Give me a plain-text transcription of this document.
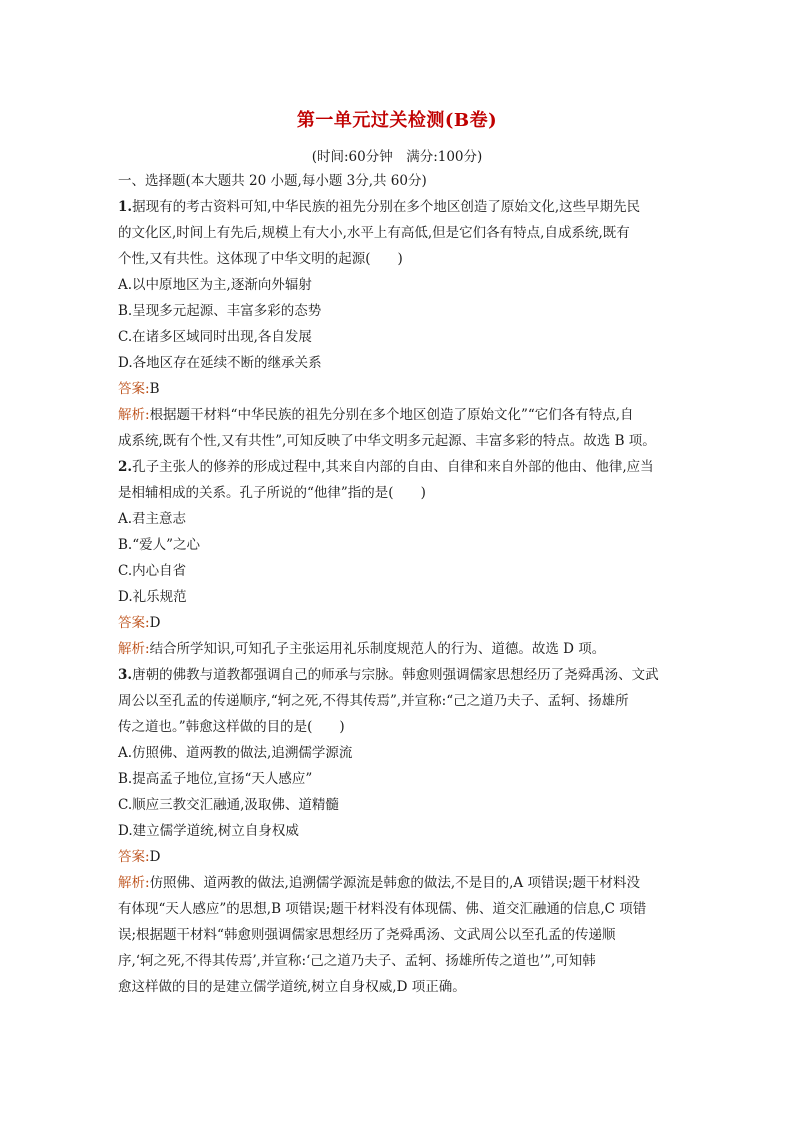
第一单元过关检测(B卷)
(时间:60分钟　满分:100分)
一、选择题(本大题共 20 小题,每小题 3分,共 60分)
1.据现有的考古资料可知,中华民族的祖先分别在多个地区创造了原始文化,这些早期先民
的文化区,时间上有先后,规模上有大小,水平上有高低,但是它们各有特点,自成系统,既有
个性,又有共性。这体现了中华文明的起源(　　)
A.以中原地区为主,逐渐向外辐射
B.呈现多元起源、丰富多彩的态势
C.在诸多区域同时出现,各自发展
D.各地区存在延续不断的继承关系
答案:B
解析:根据题干材料“中华民族的祖先分别在多个地区创造了原始文化”“它们各有特点,自
成系统,既有个性,又有共性”,可知反映了中华文明多元起源、丰富多彩的特点。故选 B 项。
2.孔子主张人的修养的形成过程中,其来自内部的自由、自律和来自外部的他由、他律,应当
是相辅相成的关系。孔子所说的“他律”指的是(　　)
A.君主意志
B.“爱人”之心
C.内心自省
D.礼乐规范
答案:D
解析:结合所学知识,可知孔子主张运用礼乐制度规范人的行为、道德。故选 D 项。
3.唐朝的佛教与道教都强调自己的师承与宗脉。韩愈则强调儒家思想经历了尧舜禹汤、文武
周公以至孔孟的传递顺序,“轲之死,不得其传焉”,并宣称:“己之道乃夫子、孟轲、扬雄所
传之道也。”韩愈这样做的目的是(　　)
A.仿照佛、道两教的做法,追溯儒学源流
B.提高孟子地位,宣扬“天人感应”
C.顺应三教交汇融通,汲取佛、道精髓
D.建立儒学道统,树立自身权威
答案:D
解析:仿照佛、道两教的做法,追溯儒学源流是韩愈的做法,不是目的,A 项错误;题干材料没
有体现“天人感应”的思想,B 项错误;题干材料没有体现儒、佛、道交汇融通的信息,C 项错
误;根据题干材料“韩愈则强调儒家思想经历了尧舜禹汤、文武周公以至孔孟的传递顺
序,‘轲之死,不得其传焉’,并宣称:‘己之道乃夫子、孟轲、扬雄所传之道也’”,可知韩
愈这样做的目的是建立儒学道统,树立自身权威,D 项正确。
